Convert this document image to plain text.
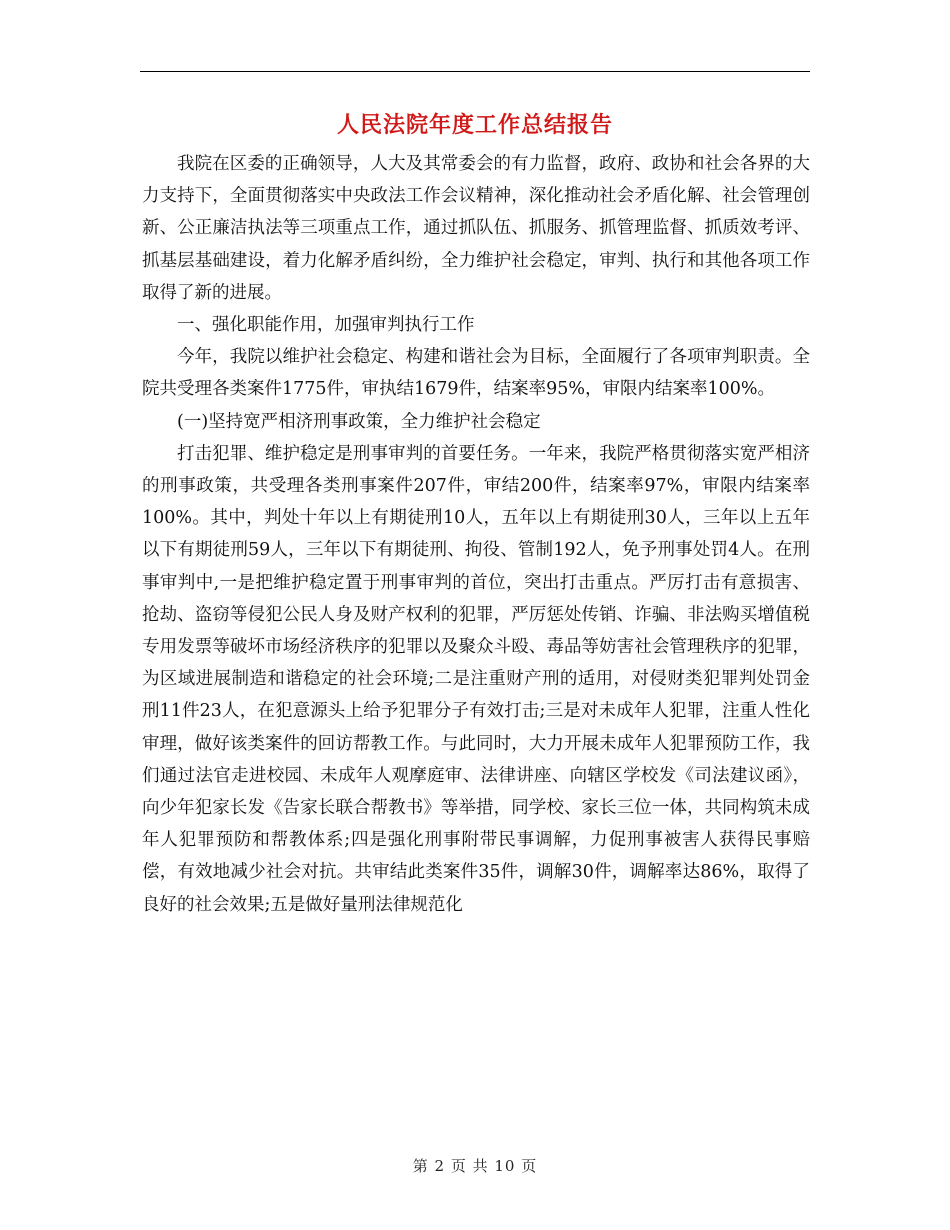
人民法院年度工作总结报告

我院在区委的正确领导，人大及其常委会的有力监督，政府、政协和社会各界的大力支持下，全面贯彻落实中央政法工作会议精神，深化推动社会矛盾化解、社会管理创新、公正廉洁执法等三项重点工作，通过抓队伍、抓服务、抓管理监督、抓质效考评、抓基层基础建设，着力化解矛盾纠纷，全力维护社会稳定，审判、执行和其他各项工作取得了新的进展。

一、强化职能作用，加强审判执行工作

今年，我院以维护社会稳定、构建和谐社会为目标，全面履行了各项审判职责。全院共受理各类案件1775件，审执结1679件，结案率95%，审限内结案率100%。

(一)坚持宽严相济刑事政策，全力维护社会稳定

打击犯罪、维护稳定是刑事审判的首要任务。一年来，我院严格贯彻落实宽严相济的刑事政策，共受理各类刑事案件207件，审结200件，结案率97%，审限内结案率100%。其中，判处十年以上有期徒刑10人，五年以上有期徒刑30人，三年以上五年以下有期徒刑59人，三年以下有期徒刑、拘役、管制192人，免予刑事处罚4人。在刑事审判中,一是把维护稳定置于刑事审判的首位，突出打击重点。严厉打击有意损害、抢劫、盗窃等侵犯公民人身及财产权利的犯罪，严厉惩处传销、诈骗、非法购买增值税专用发票等破坏市场经济秩序的犯罪以及聚众斗殴、毒品等妨害社会管理秩序的犯罪，为区域进展制造和谐稳定的社会环境;二是注重财产刑的适用，对侵财类犯罪判处罚金刑11件23人，在犯意源头上给予犯罪分子有效打击;三是对未成年人犯罪，注重人性化审理，做好该类案件的回访帮教工作。与此同时，大力开展未成年人犯罪预防工作，我们通过法官走进校园、未成年人观摩庭审、法律讲座、向辖区学校发《司法建议函》，向少年犯家长发《告家长联合帮教书》等举措，同学校、家长三位一体，共同构筑未成年人犯罪预防和帮教体系;四是强化刑事附带民事调解，力促刑事被害人获得民事赔偿，有效地减少社会对抗。共审结此类案件35件，调解30件，调解率达86%，取得了良好的社会效果;五是做好量刑法律规范化

第 2 页 共 10 页
